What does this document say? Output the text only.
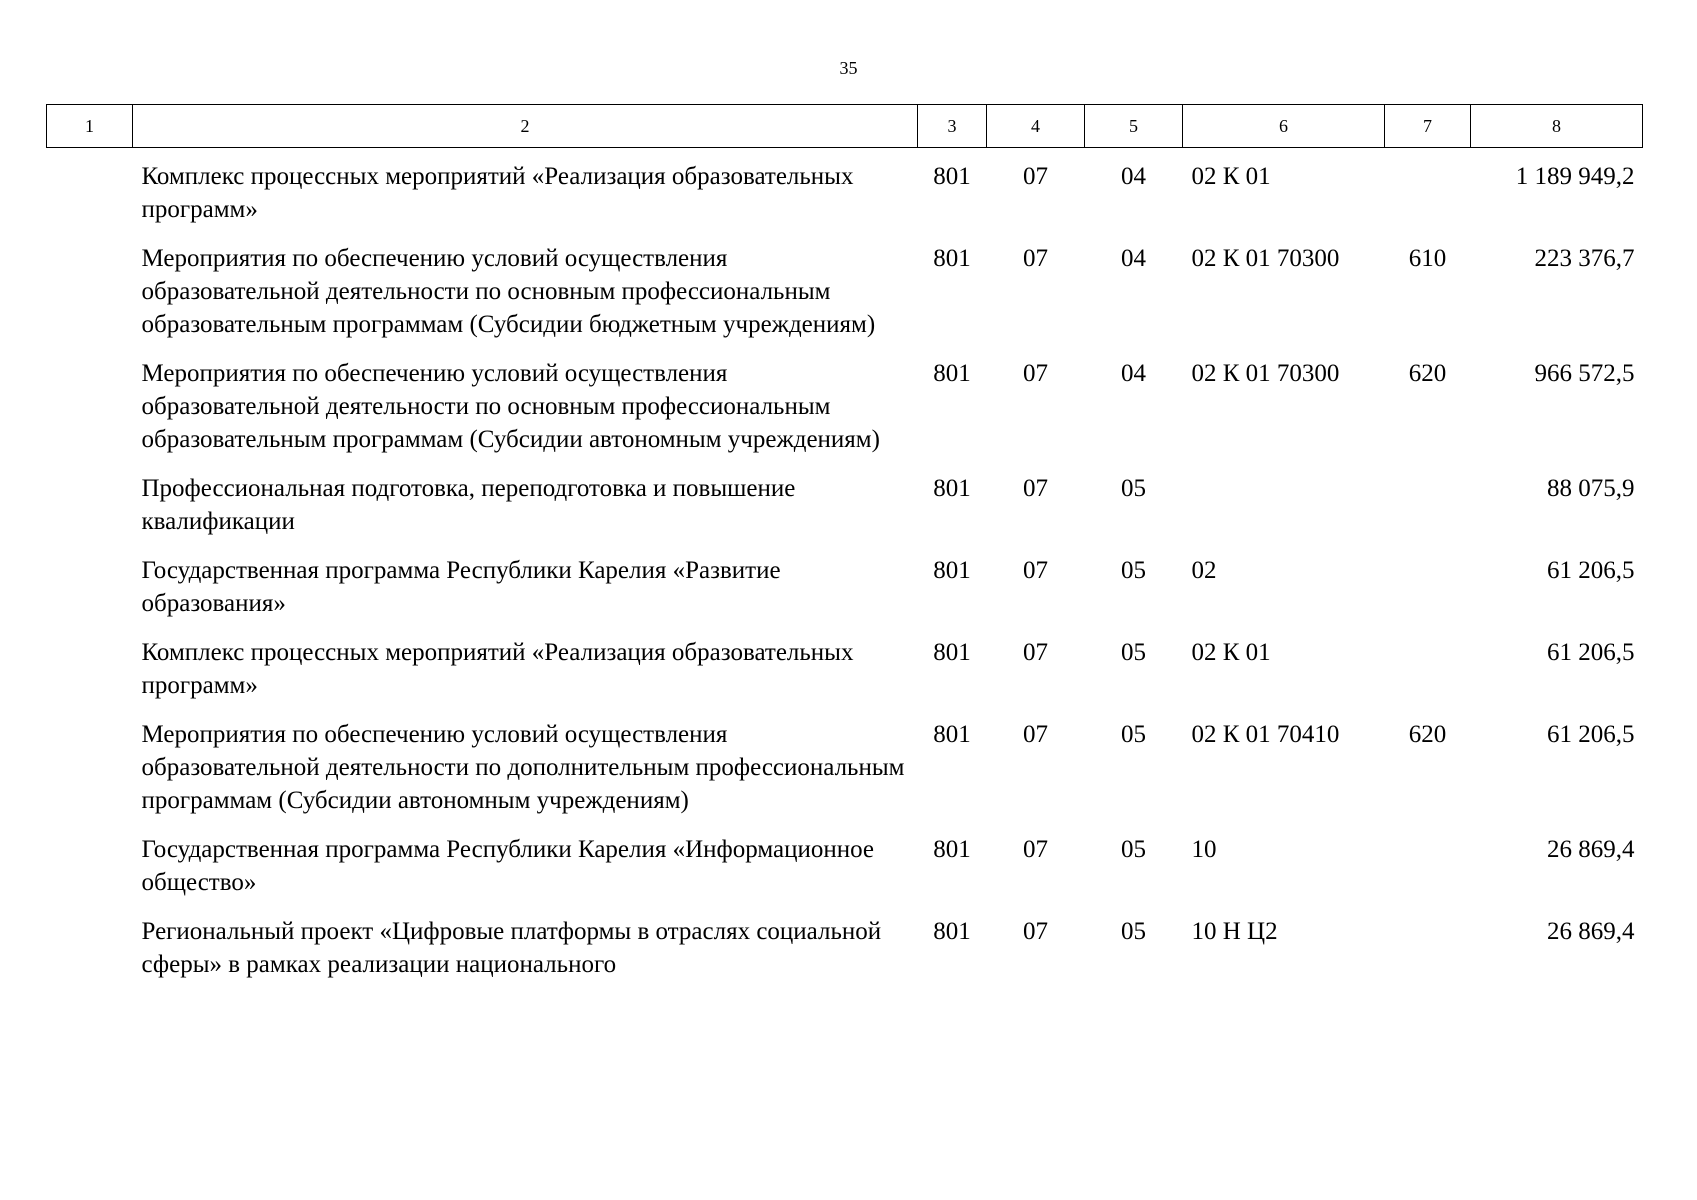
35
1	2	3	4	5	6	7	8
	Комплекс процессных мероприятий «Реализация образовательных программ»	801	07	04	02 К 01		1 189 949,2
	Мероприятия по обеспечению условий осуществления образовательной деятельности по основным профессиональным образовательным программам (Субсидии бюджетным учреждениям)	801	07	04	02 К 01 70300	610	223 376,7
	Мероприятия по обеспечению условий осуществления образовательной деятельности по основным профессиональным образовательным программам (Субсидии автономным учреждениям)	801	07	04	02 К 01 70300	620	966 572,5
	Профессиональная подготовка, переподготовка и повышение квалификации	801	07	05			88 075,9
	Государственная программа Республики Карелия «Развитие образования»	801	07	05	02		61 206,5
	Комплекс процессных мероприятий «Реализация образовательных программ»	801	07	05	02 К 01		61 206,5
	Мероприятия по обеспечению условий осуществления образовательной деятельности по дополнительным профессиональным программам (Субсидии автономным учреждениям)	801	07	05	02 К 01 70410	620	61 206,5
	Государственная программа Республики Карелия «Информационное общество»	801	07	05	10		26 869,4
	Региональный проект «Цифровые платформы в отраслях социальной сферы» в рамках реализации национального	801	07	05	10 Н Ц2		26 869,4
